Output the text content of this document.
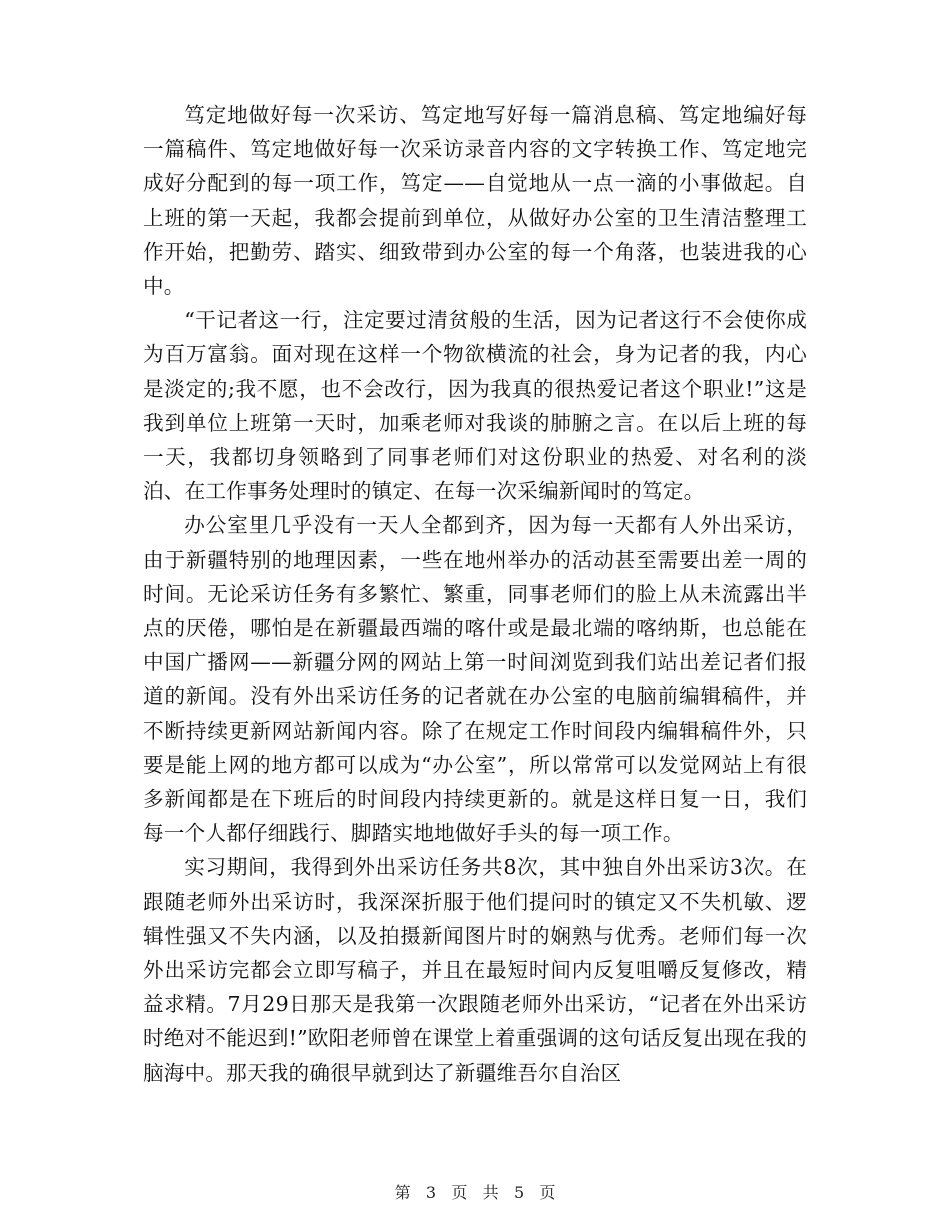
笃定地做好每一次采访、笃定地写好每一篇消息稿、笃定地编好每一篇稿件、笃定地做好每一次采访录音内容的文字转换工作、笃定地完成好分配到的每一项工作，笃定——自觉地从一点一滴的小事做起。自上班的第一天起，我都会提前到单位，从做好办公室的卫生清洁整理工作开始，把勤劳、踏实、细致带到办公室的每一个角落，也装进我的心中。

“干记者这一行，注定要过清贫般的生活，因为记者这行不会使你成为百万富翁。面对现在这样一个物欲横流的社会，身为记者的我，内心是淡定的;我不愿，也不会改行，因为我真的很热爱记者这个职业!”这是我到单位上班第一天时，加乘老师对我谈的肺腑之言。在以后上班的每一天，我都切身领略到了同事老师们对这份职业的热爱、对名利的淡泊、在工作事务处理时的镇定、在每一次采编新闻时的笃定。

办公室里几乎没有一天人全都到齐，因为每一天都有人外出采访，由于新疆特别的地理因素，一些在地州举办的活动甚至需要出差一周的时间。无论采访任务有多繁忙、繁重，同事老师们的脸上从未流露出半点的厌倦，哪怕是在新疆最西端的喀什或是最北端的喀纳斯，也总能在中国广播网——新疆分网的网站上第一时间浏览到我们站出差记者们报道的新闻。没有外出采访任务的记者就在办公室的电脑前编辑稿件，并不断持续更新网站新闻内容。除了在规定工作时间段内编辑稿件外，只要是能上网的地方都可以成为“办公室”，所以常常可以发觉网站上有很多新闻都是在下班后的时间段内持续更新的。就是这样日复一日，我们每一个人都仔细践行、脚踏实地地做好手头的每一项工作。

实习期间，我得到外出采访任务共8次，其中独自外出采访3次。在跟随老师外出采访时，我深深折服于他们提问时的镇定又不失机敏、逻辑性强又不失内涵，以及拍摄新闻图片时的娴熟与优秀。老师们每一次外出采访完都会立即写稿子，并且在最短时间内反复咀嚼反复修改，精益求精。7月29日那天是我第一次跟随老师外出采访，“记者在外出采访时绝对不能迟到!”欧阳老师曾在课堂上着重强调的这句话反复出现在我的脑海中。那天我的确很早就到达了新疆维吾尔自治区

第 3 页 共 5 页
